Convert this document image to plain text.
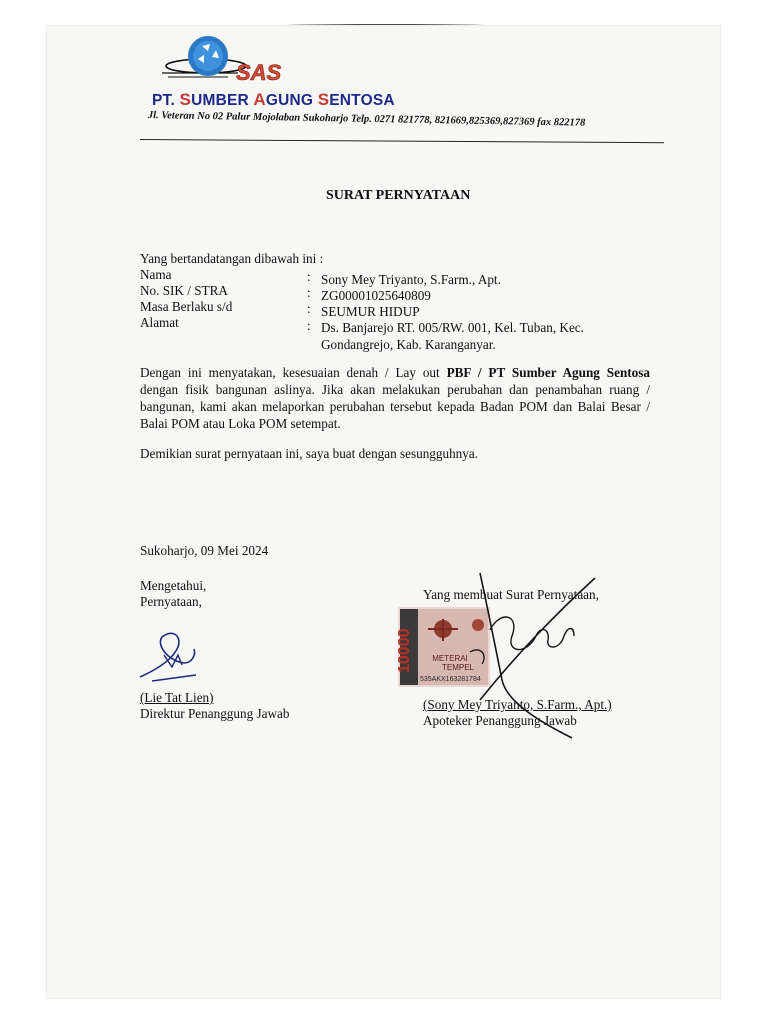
SAS
PT. SUMBER AGUNG SENTOSA
Jl. Veteran No 02 Palur Mojolaban Sukoharjo Telp. 0271 821778, 821669,825369,827369 fax 822178
SURAT PERNYATAAN
Yang bertandatangan dibawah ini :
Nama	: Sony Mey Triyanto, S.Farm., Apt.
No. SIK / STRA	: ZG00001025640809
Masa Berlaku s/d	: SEUMUR HIDUP
Alamat	: Ds. Banjarejo RT. 005/RW. 001, Kel. Tuban, Kec.
Gondangrejo, Kab. Karanganyar.
Dengan ini menyatakan, kesesuaian denah / Lay out PBF / PT Sumber Agung Sentosa
dengan fisik bangunan aslinya. Jika akan melakukan perubahan dan penambahan ruang /
bangunan, kami akan melaporkan perubahan tersebut kepada Badan POM dan Balai Besar /
Balai POM atau Loka POM setempat.
Demikian surat pernyataan ini, saya buat dengan sesungguhnya.
Sukoharjo, 09 Mei 2024
Mengetahui,
Pernyataan,
(Lie Tat Lien)
Direktur Penanggung Jawab
Yang membuat Surat Pernyataan,
10000 METERAI
TEMPEL
535AKX163281784
(Sony Mey Triyanto, S.Farm., Apt.)
Apoteker Penanggung Jawab
